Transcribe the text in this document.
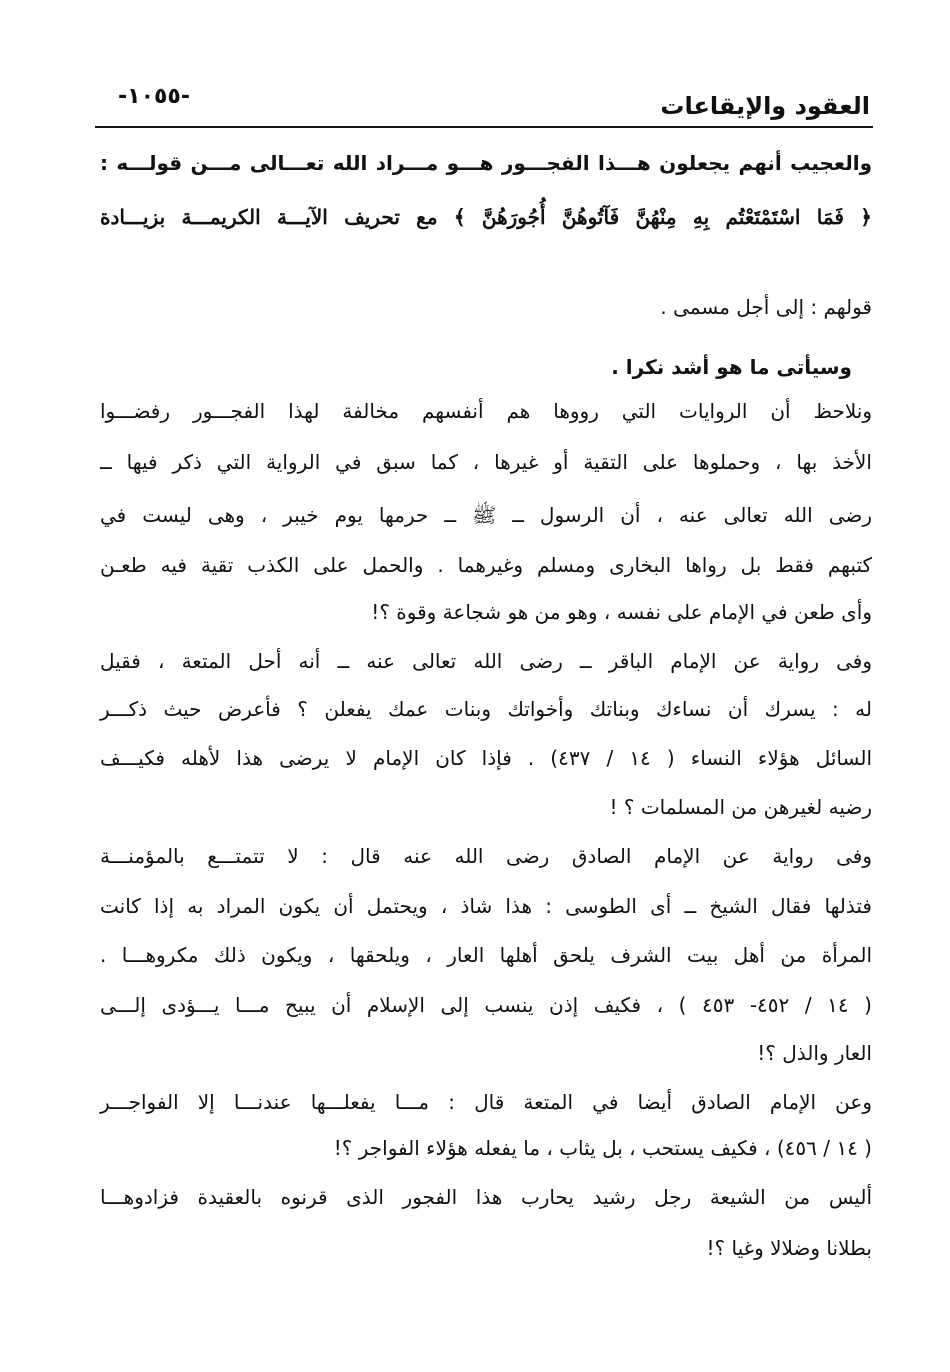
العقود والإيقاعات
-١٠٥٥-
والعجيب أنهم يجعلون هـــذا الفجـــور هـــو مـــراد الله تعـــالى مـــن قولـــه :
﴿ فَمَا اسْتَمْتَعْتُم بِهِ مِنْهُنَّ فَآتُوهُنَّ أُجُورَهُنَّ ﴾ مع تحريف الآيـــة الكريمـــة بزيـــادة
قولهم : إلى أجل مسمى .
وسيأتى ما هو أشد نكرا .
ونلاحظ أن الروايات التي رووها هم أنفسهم مخالفة لهذا الفجـــور رفضـــوا
الأخذ بها ، وحملوها على التقية أو غيرها ، كما سبق في الرواية التي ذكر فيها ــ
رضى الله تعالى عنه ، أن الرسول ــ ﷺ ــ حرمها يوم خيبر ، وهى ليست في
كتبهم فقط بل رواها البخارى ومسلم وغيرهما . والحمل على الكذب تقية فيه طعـن
وأى طعن في الإمام على نفسه ، وهو من هو شجاعة وقوة ؟!
وفى رواية عن الإمام الباقر ــ رضى الله تعالى عنه ــ أنه أحل المتعة ، فقيل
له : يسرك أن نساءك وبناتك وأخواتك وبنات عمك يفعلن ؟ فأعرض حيث ذكـــر
السائل هؤلاء النساء ( ١٤ / ٤٣٧) . فإذا كان الإمام لا يرضى هذا لأهله فكيـــف
رضيه لغيرهن من المسلمات ؟ !
وفى رواية عن الإمام الصادق رضى الله عنه قال : لا تتمتـــع بالمؤمنـــة
فتذلها فقال الشيخ ــ أى الطوسى : هذا شاذ ، ويحتمل أن يكون المراد به إذا كانت
المرأة من أهل بيت الشرف يلحق أهلها العار ، ويلحقها ، ويكون ذلك مكروهـــا .
( ١٤ / ٤٥٢- ٤٥٣ ) ، فكيف إذن ينسب إلى الإسلام أن يبيح مـــا يـــؤدى إلـــى
العار والذل ؟!
وعن الإمام الصادق أيضا في المتعة قال : مـــا يفعلـــها عندنـــا إلا الفواجـــر
( ١٤ / ٤٥٦) ، فكيف يستحب ، بل يثاب ، ما يفعله هؤلاء الفواجر ؟!
أليس من الشيعة رجل رشيد يحارب هذا الفجور الذى قرنوه بالعقيدة فزادوهـــا
بطلانا وضلالا وغيا ؟!
